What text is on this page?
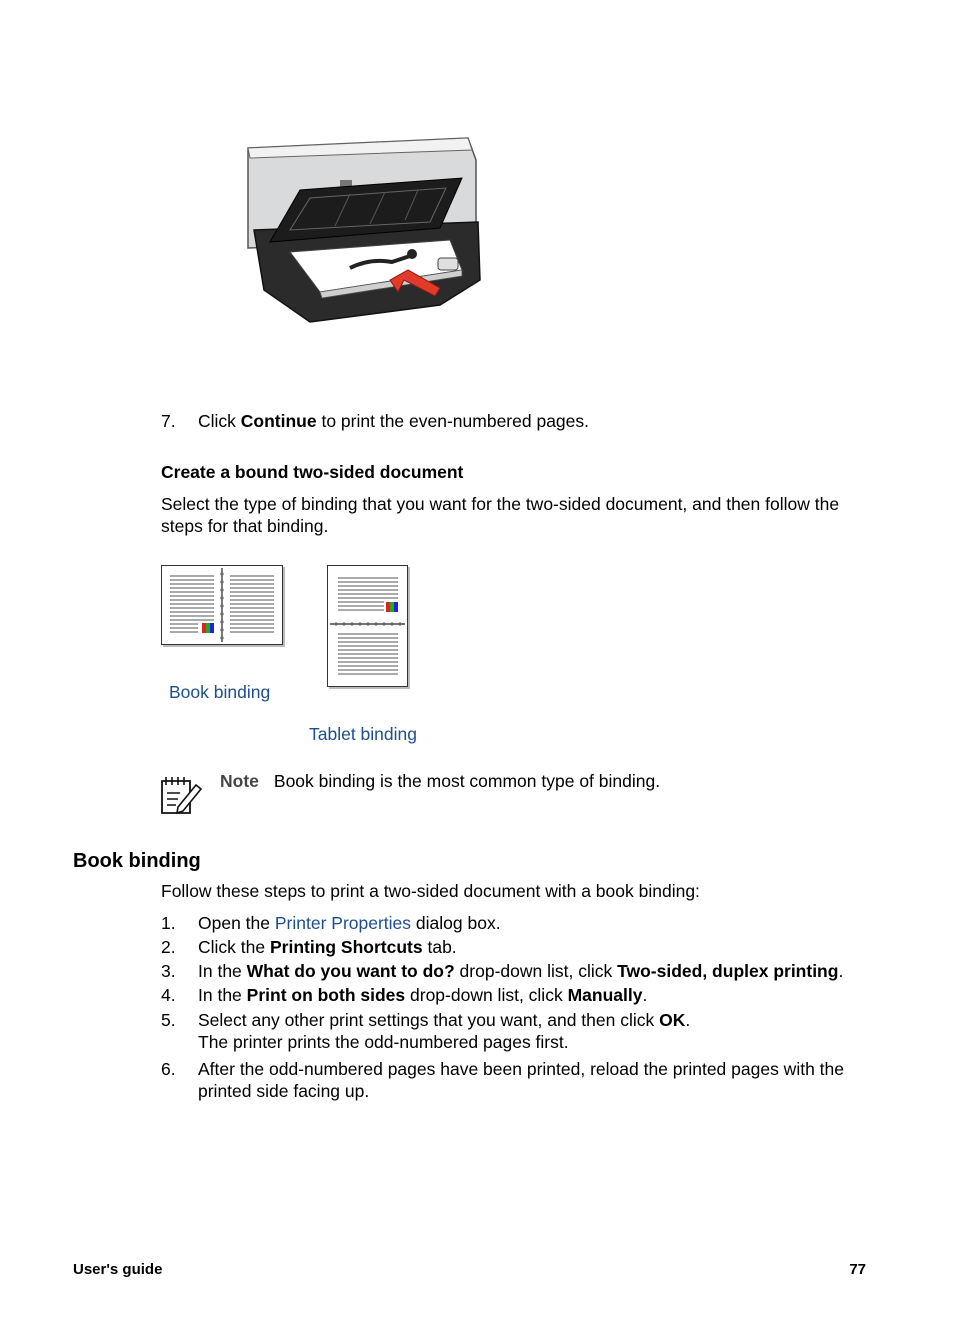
7.	Click Continue to print the even-numbered pages.
Create a bound two-sided document
Select the type of binding that you want for the two-sided document, and then follow the steps for that binding.
Book binding
Tablet binding
Note Book binding is the most common type of binding.
Book binding
Follow these steps to print a two-sided document with a book binding:
1.	Open the Printer Properties dialog box.
2.	Click the Printing Shortcuts tab.
3.	In the What do you want to do? drop-down list, click Two-sided, duplex printing.
4.	In the Print on both sides drop-down list, click Manually.
5.	Select any other print settings that you want, and then click OK.
The printer prints the odd-numbered pages first.
6.	After the odd-numbered pages have been printed, reload the printed pages with the printed side facing up.
User's guide	77
